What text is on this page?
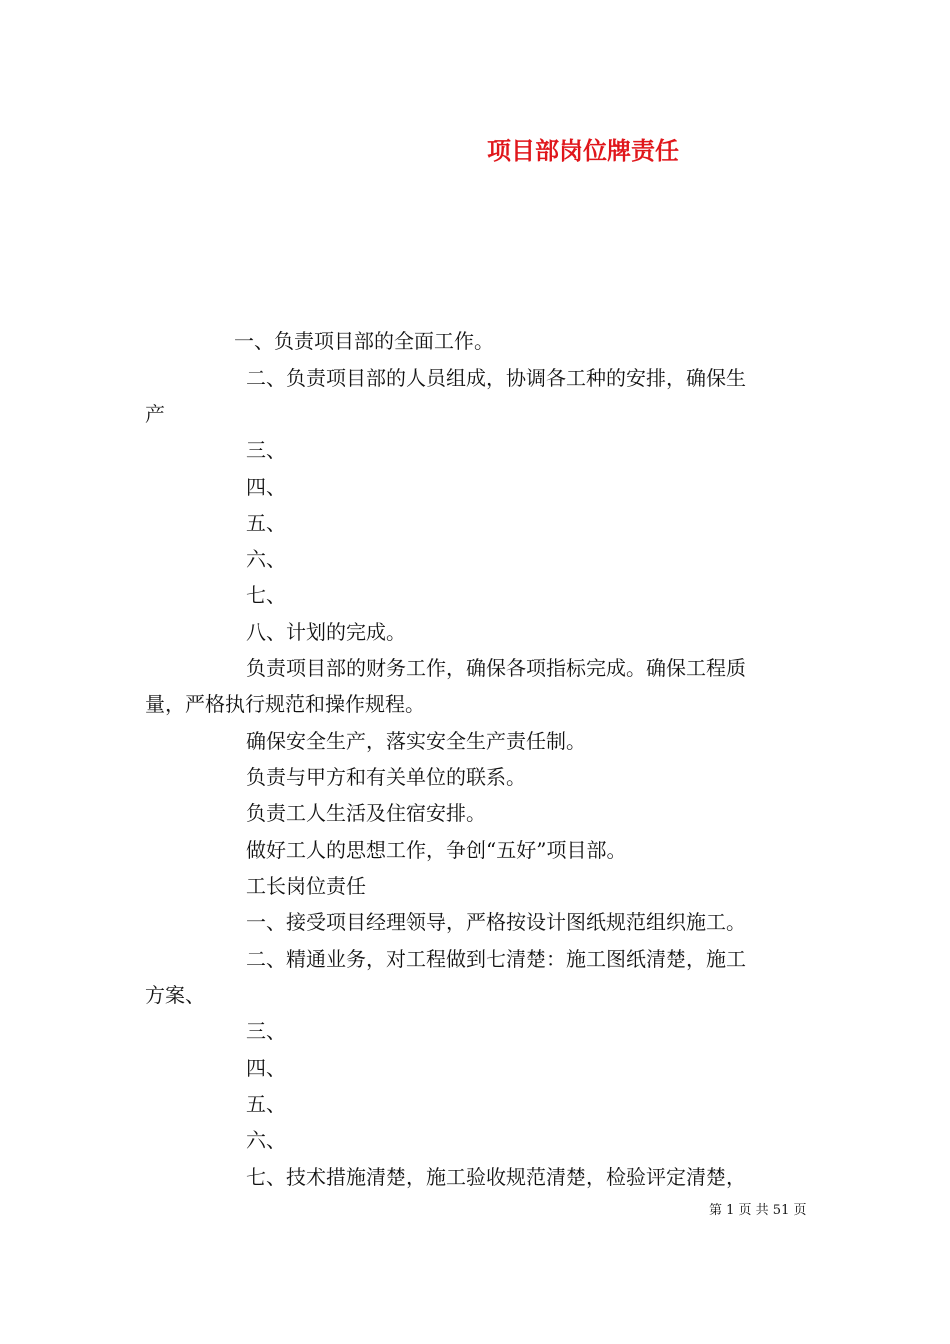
项目部岗位牌责任
一、负责项目部的全面工作。
二、负责项目部的人员组成，协调各工种的安排，确保生
产
三、
四、
五、
六、
七、
八、计划的完成。
负责项目部的财务工作，确保各项指标完成。确保工程质
量，严格执行规范和操作规程。
确保安全生产，落实安全生产责任制。
负责与甲方和有关单位的联系。
负责工人生活及住宿安排。
做好工人的思想工作，争创“五好”项目部。
工长岗位责任
一、接受项目经理领导，严格按设计图纸规范组织施工。
二、精通业务，对工程做到七清楚：施工图纸清楚，施工
方案、
三、
四、
五、
六、
七、技术措施清楚，施工验收规范清楚，检验评定清楚，
第 1 页 共 51 页
